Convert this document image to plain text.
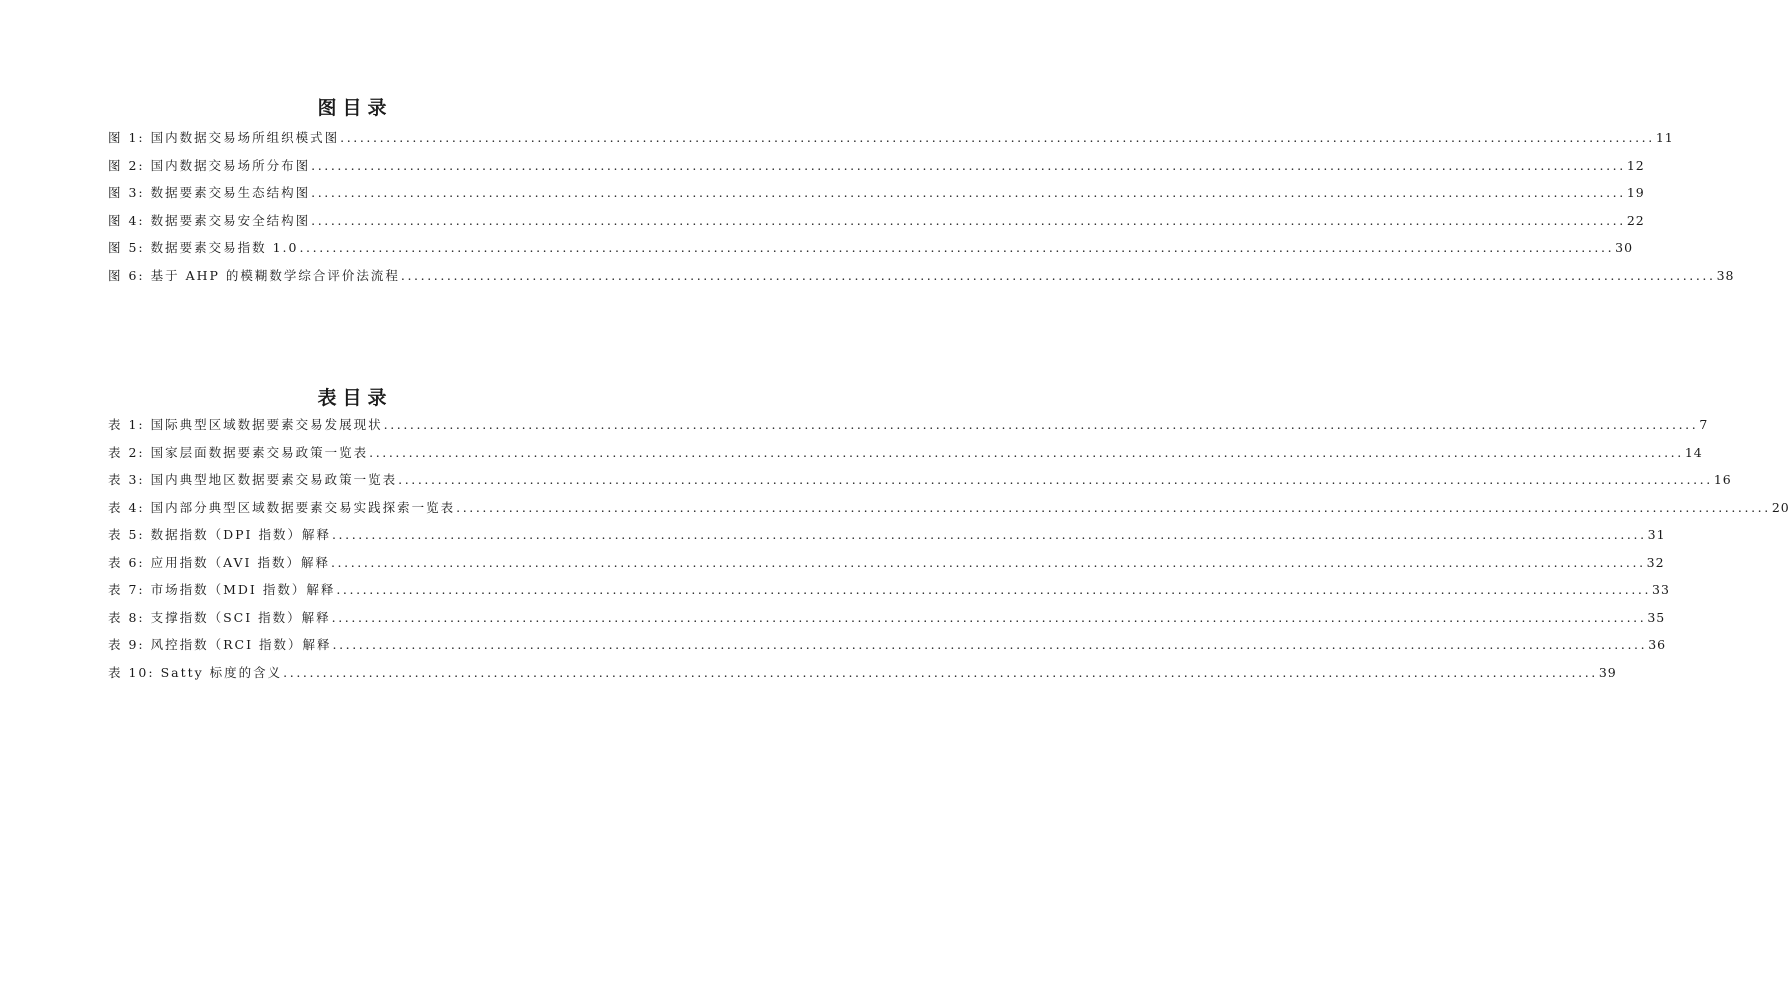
图目录
图 1: 国内数据交易场所组织模式图 ........................................................................................................................................................................................................ 11
图 2: 国内数据交易场所分布图 ........................................................................................................................................................................................................ 12
图 3: 数据要素交易生态结构图 ........................................................................................................................................................................................................ 19
图 4: 数据要素交易安全结构图 ........................................................................................................................................................................................................ 22
图 5: 数据要素交易指数 1.0 ........................................................................................................................................................................................................ 30
图 6: 基于 AHP 的模糊数学综合评价法流程 ........................................................................................................................................................................................................ 38
表目录
表 1: 国际典型区域数据要素交易发展现状 ........................................................................................................................................................................................................ 7
表 2: 国家层面数据要素交易政策一览表 ........................................................................................................................................................................................................ 14
表 3: 国内典型地区数据要素交易政策一览表 ........................................................................................................................................................................................................ 16
表 4: 国内部分典型区域数据要素交易实践探索一览表 ........................................................................................................................................................................................................ 20
表 5: 数据指数（DPI 指数）解释 ........................................................................................................................................................................................................ 31
表 6: 应用指数（AVI 指数）解释 ........................................................................................................................................................................................................ 32
表 7: 市场指数（MDI 指数）解释 ........................................................................................................................................................................................................ 33
表 8: 支撑指数（SCI 指数）解释 ........................................................................................................................................................................................................ 35
表 9: 风控指数（RCI 指数）解释 ........................................................................................................................................................................................................ 36
表 10: Satty 标度的含义 ........................................................................................................................................................................................................ 39
